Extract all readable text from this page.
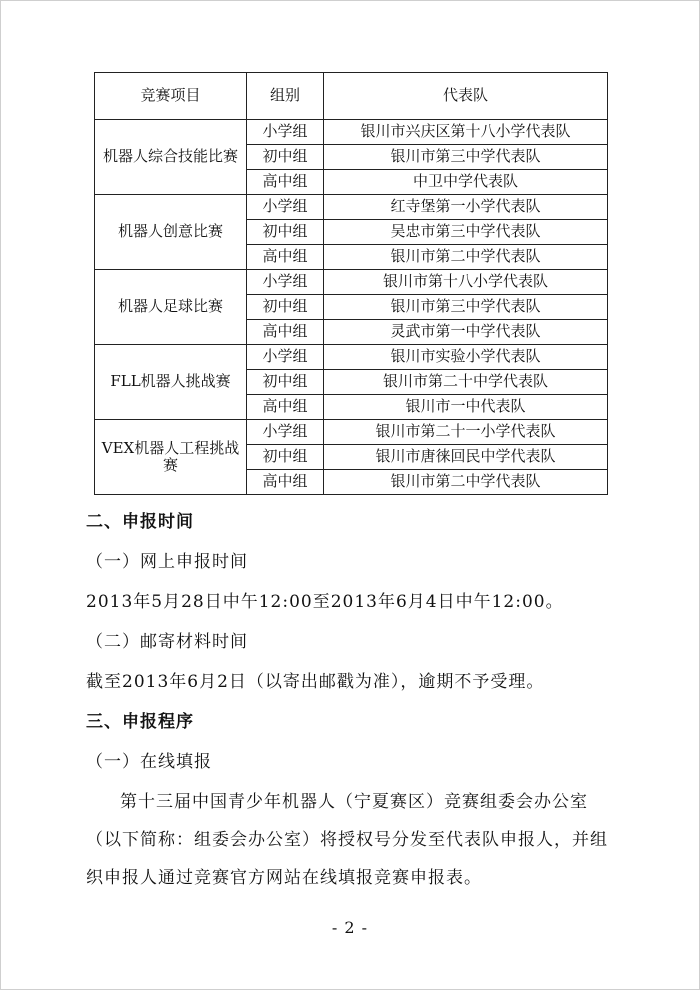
竞赛项目	组别	代表队
机器人综合技能比赛	小学组	银川市兴庆区第十八小学代表队
	初中组	银川市第三中学代表队
	高中组	中卫中学代表队
机器人创意比赛	小学组	红寺堡第一小学代表队
	初中组	吴忠市第三中学代表队
	高中组	银川市第二中学代表队
机器人足球比赛	小学组	银川市第十八小学代表队
	初中组	银川市第三中学代表队
	高中组	灵武市第一中学代表队
FLL机器人挑战赛	小学组	银川市实验小学代表队
	初中组	银川市第二十中学代表队
	高中组	银川市一中代表队
VEX机器人工程挑战赛	小学组	银川市第二十一小学代表队
	初中组	银川市唐徕回民中学代表队
	高中组	银川市第二中学代表队

二、申报时间

（一）网上申报时间

2013年5月28日中午12:00至2013年6月4日中午12:00。

（二）邮寄材料时间

截至2013年6月2日（以寄出邮戳为准），逾期不予受理。

三、申报程序

（一）在线填报

第十三届中国青少年机器人（宁夏赛区）竞赛组委会办公室（以下简称：组委会办公室）将授权号分发至代表队申报人，并组织申报人通过竞赛官方网站在线填报竞赛申报表。

- 2 -
